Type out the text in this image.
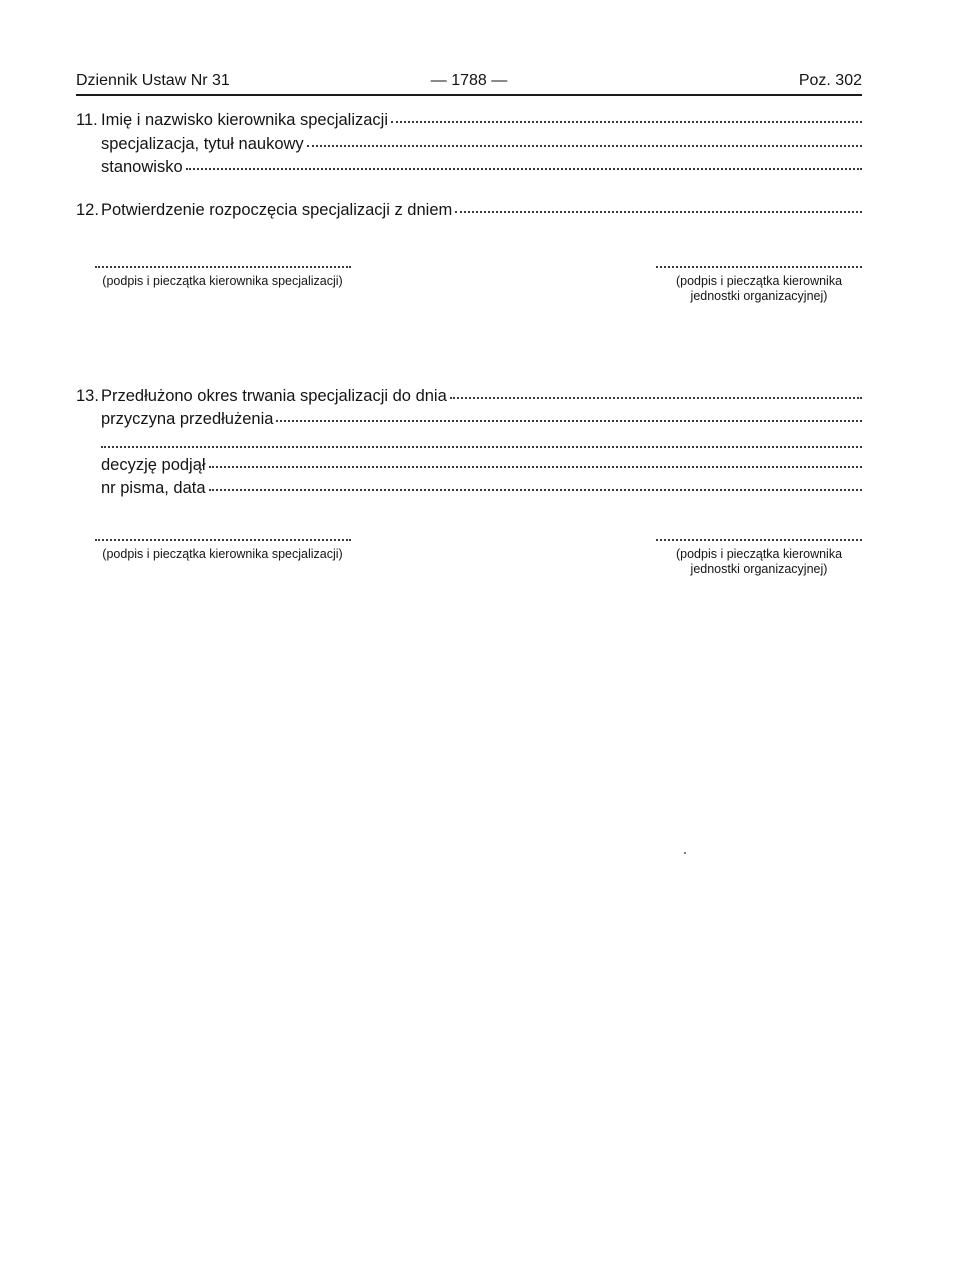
Dziennik Ustaw Nr 31	— 1788 —	Poz. 302
11. Imię i nazwisko kierownika specjalizacji
specjalizacja, tytuł naukowy
stanowisko
12. Potwierdzenie rozpoczęcia specjalizacji z dniem
(podpis i pieczątka kierownika specjalizacji)	(podpis i pieczątka kierownika
jednostki organizacyjnej)
13. Przedłużono okres trwania specjalizacji do dnia
przyczyna przedłużenia
decyzję podjął
nr pisma, data
(podpis i pieczątka kierownika specjalizacji)	(podpis i pieczątka kierownika
jednostki organizacyjnej)
